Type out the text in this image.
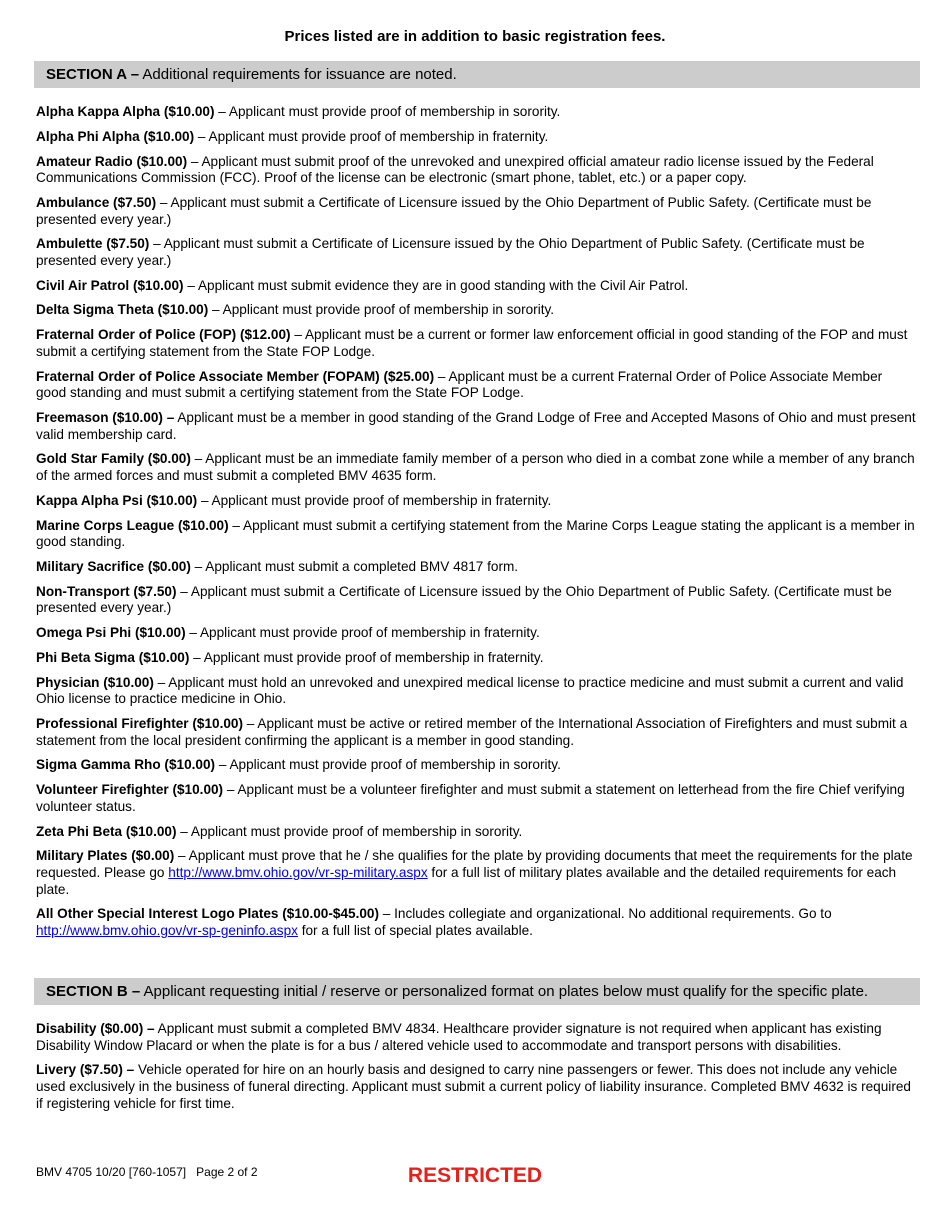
Prices listed are in addition to basic registration fees.
SECTION A – Additional requirements for issuance are noted.
Alpha Kappa Alpha ($10.00) – Applicant must provide proof of membership in sorority.
Alpha Phi Alpha ($10.00) – Applicant must provide proof of membership in fraternity.
Amateur Radio ($10.00) – Applicant must submit proof of the unrevoked and unexpired official amateur radio license issued by the Federal Communications Commission (FCC). Proof of the license can be electronic (smart phone, tablet, etc.) or a paper copy.
Ambulance ($7.50) – Applicant must submit a Certificate of Licensure issued by the Ohio Department of Public Safety. (Certificate must be presented every year.)
Ambulette ($7.50) – Applicant must submit a Certificate of Licensure issued by the Ohio Department of Public Safety. (Certificate must be presented every year.)
Civil Air Patrol ($10.00) – Applicant must submit evidence they are in good standing with the Civil Air Patrol.
Delta Sigma Theta ($10.00) – Applicant must provide proof of membership in sorority.
Fraternal Order of Police (FOP) ($12.00) – Applicant must be a current or former law enforcement official in good standing of the FOP and must submit a certifying statement from the State FOP Lodge.
Fraternal Order of Police Associate Member (FOPAM) ($25.00) – Applicant must be a current Fraternal Order of Police Associate Member good standing and must submit a certifying statement from the State FOP Lodge.
Freemason ($10.00) – Applicant must be a member in good standing of the Grand Lodge of Free and Accepted Masons of Ohio and must present valid membership card.
Gold Star Family ($0.00) – Applicant must be an immediate family member of a person who died in a combat zone while a member of any branch of the armed forces and must submit a completed BMV 4635 form.
Kappa Alpha Psi ($10.00) – Applicant must provide proof of membership in fraternity.
Marine Corps League ($10.00) – Applicant must submit a certifying statement from the Marine Corps League stating the applicant is a member in good standing.
Military Sacrifice ($0.00) – Applicant must submit a completed BMV 4817 form.
Non-Transport ($7.50) – Applicant must submit a Certificate of Licensure issued by the Ohio Department of Public Safety. (Certificate must be presented every year.)
Omega Psi Phi ($10.00) – Applicant must provide proof of membership in fraternity.
Phi Beta Sigma ($10.00) – Applicant must provide proof of membership in fraternity.
Physician ($10.00) – Applicant must hold an unrevoked and unexpired medical license to practice medicine and must submit a current and valid Ohio license to practice medicine in Ohio.
Professional Firefighter ($10.00) – Applicant must be active or retired member of the International Association of Firefighters and must submit a statement from the local president confirming the applicant is a member in good standing.
Sigma Gamma Rho ($10.00) – Applicant must provide proof of membership in sorority.
Volunteer Firefighter ($10.00) – Applicant must be a volunteer firefighter and must submit a statement on letterhead from the fire Chief verifying volunteer status.
Zeta Phi Beta ($10.00) – Applicant must provide proof of membership in sorority.
Military Plates ($0.00) – Applicant must prove that he / she qualifies for the plate by providing documents that meet the requirements for the plate requested. Please go http://www.bmv.ohio.gov/vr-sp-military.aspx for a full list of military plates available and the detailed requirements for each plate.
All Other Special Interest Logo Plates ($10.00-$45.00) – Includes collegiate and organizational. No additional requirements. Go to http://www.bmv.ohio.gov/vr-sp-geninfo.aspx for a full list of special plates available.
SECTION B – Applicant requesting initial / reserve or personalized format on plates below must qualify for the specific plate.
Disability ($0.00) – Applicant must submit a completed BMV 4834. Healthcare provider signature is not required when applicant has existing Disability Window Placard or when the plate is for a bus / altered vehicle used to accommodate and transport persons with disabilities.
Livery ($7.50) – Vehicle operated for hire on an hourly basis and designed to carry nine passengers or fewer. This does not include any vehicle used exclusively in the business of funeral directing. Applicant must submit a current policy of liability insurance. Completed BMV 4632 is required if registering vehicle for first time.
BMV 4705 10/20 [760-1057] Page 2 of 2	RESTRICTED
